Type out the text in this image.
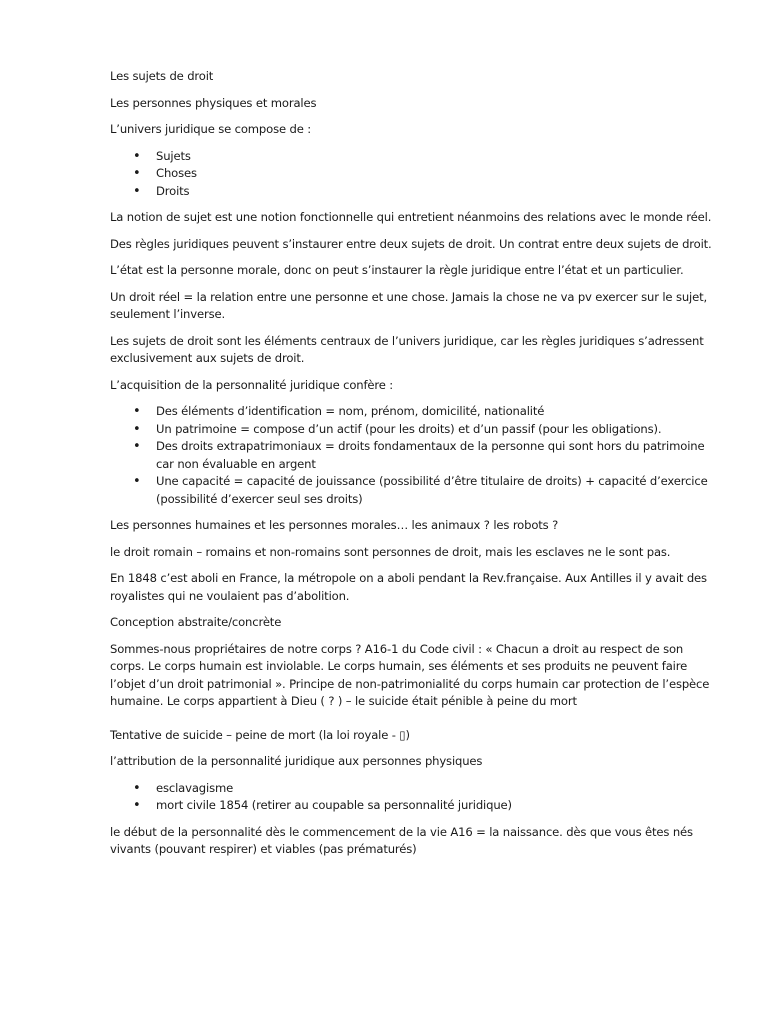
Les sujets de droit

Les personnes physiques et morales

L’univers juridique se compose de :

• Sujets
• Choses
• Droits

La notion de sujet est une notion fonctionnelle qui entretient néanmoins des relations avec le monde réel.

Des règles juridiques peuvent s’instaurer entre deux sujets de droit. Un contrat entre deux sujets de droit.

L’état est la personne morale, donc on peut s’instaurer la règle juridique entre l’état et un particulier.

Un droit réel = la relation entre une personne et une chose. Jamais la chose ne va pv exercer sur le sujet, seulement l’inverse.

Les sujets de droit sont les éléments centraux de l’univers juridique, car les règles juridiques s’adressent exclusivement aux sujets de droit.

L’acquisition de la personnalité juridique confère :

• Des éléments d’identification = nom, prénom, domicilité, nationalité
• Un patrimoine = compose d’un actif (pour les droits) et d’un passif (pour les obligations).
• Des droits extrapatrimoniaux = droits fondamentaux de la personne qui sont hors du patrimoine car non évaluable en argent
• Une capacité = capacité de jouissance (possibilité d’être titulaire de droits) + capacité d’exercice (possibilité d’exercer seul ses droits)

Les personnes humaines et les personnes morales… les animaux ? les robots ?

le droit romain – romains et non-romains sont personnes de droit, mais les esclaves ne le sont pas.

En 1848 c’est aboli en France, la métropole on a aboli pendant la Rev.française. Aux Antilles il y avait des royalistes qui ne voulaient pas d’abolition.

Conception abstraite/concrète

Sommes-nous propriétaires de notre corps ? A16-1 du Code civil : « Chacun a droit au respect de son corps. Le corps humain est inviolable. Le corps humain, ses éléments et ses produits ne peuvent faire l’objet d’un droit patrimonial ». Principe de non-patrimonialité du corps humain car protection de l’espèce humaine. Le corps appartient à Dieu ( ? ) – le suicide était pénible à peine du mort

Tentative de suicide – peine de mort (la loi royale - ▯)

l’attribution de la personnalité juridique aux personnes physiques

• esclavagisme
• mort civile 1854 (retirer au coupable sa personnalité juridique)

le début de la personnalité dès le commencement de la vie A16 = la naissance. dès que vous êtes nés vivants (pouvant respirer) et viables (pas prématurés)
